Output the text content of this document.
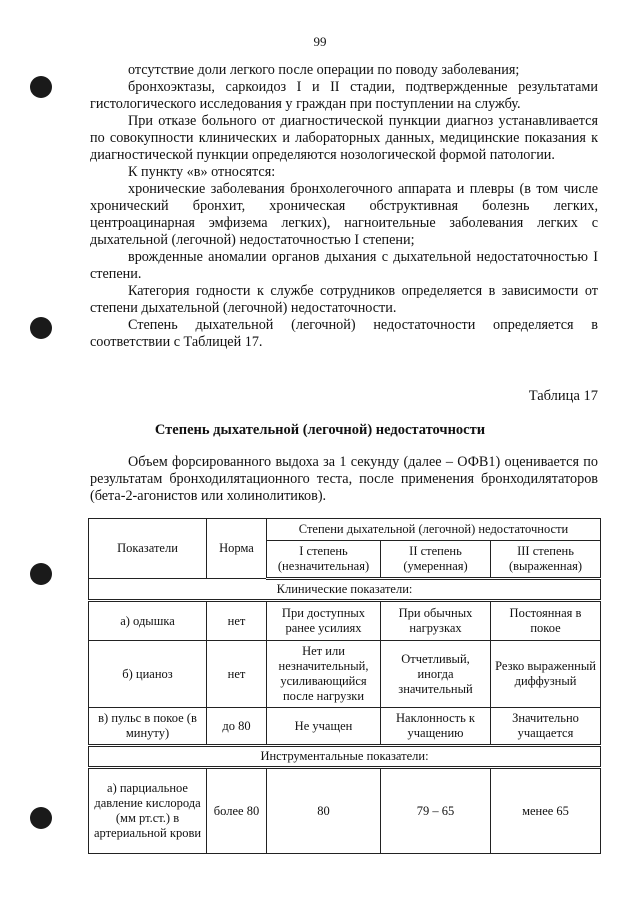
99

отсутствие доли легкого после операции по поводу заболевания;

бронхоэктазы, саркоидоз I и II стадии, подтвержденные результатами гистологического исследования у граждан при поступлении на службу.

При отказе больного от диагностической пункции диагноз устанавливается по совокупности клинических и лабораторных данных, медицинские показания к диагностической пункции определяются нозологической формой патологии.

К пункту «в» относятся:

хронические заболевания бронхолегочного аппарата и плевры (в том числе хронический бронхит, хроническая обструктивная болезнь легких, центроацинарная эмфизема легких), нагноительные заболевания легких с дыхательной (легочной) недостаточностью I степени;

врожденные аномалии органов дыхания с дыхательной недостаточностью I степени.

Категория годности к службе сотрудников определяется в зависимости от степени дыхательной (легочной) недостаточности.

Степень дыхательной (легочной) недостаточности определяется в соответствии с Таблицей 17.

Таблица 17
Степень дыхательной (легочной) недостаточности

Объем форсированного выдоха за 1 секунду (далее – ОФВ1) оценивается по результатам бронходилятационного теста, после применения бронходилятаторов (бета-2-агонистов или холинолитиков).

Показатели	Норма	Степени дыхательной (легочной) недостаточности		
		I степень (незначительная)	II степень (умеренная)	III степень (выраженная)
Клинические показатели:				
а) одышка	нет	При доступных ранее усилиях	При обычных нагрузках	Постоянная в покое
б) цианоз	нет	Нет или незначительный, усиливающийся после нагрузки	Отчетливый, иногда значительный	Резко выраженный диффузный
в) пульс в покое (в минуту)	до 80	Не учащен	Наклонность к учащению	Значительно учащается
Инструментальные показатели:				
а) парциальное давление кислорода (мм рт.ст.) в артериальной крови	более 80	80	79 – 65	менее 65
